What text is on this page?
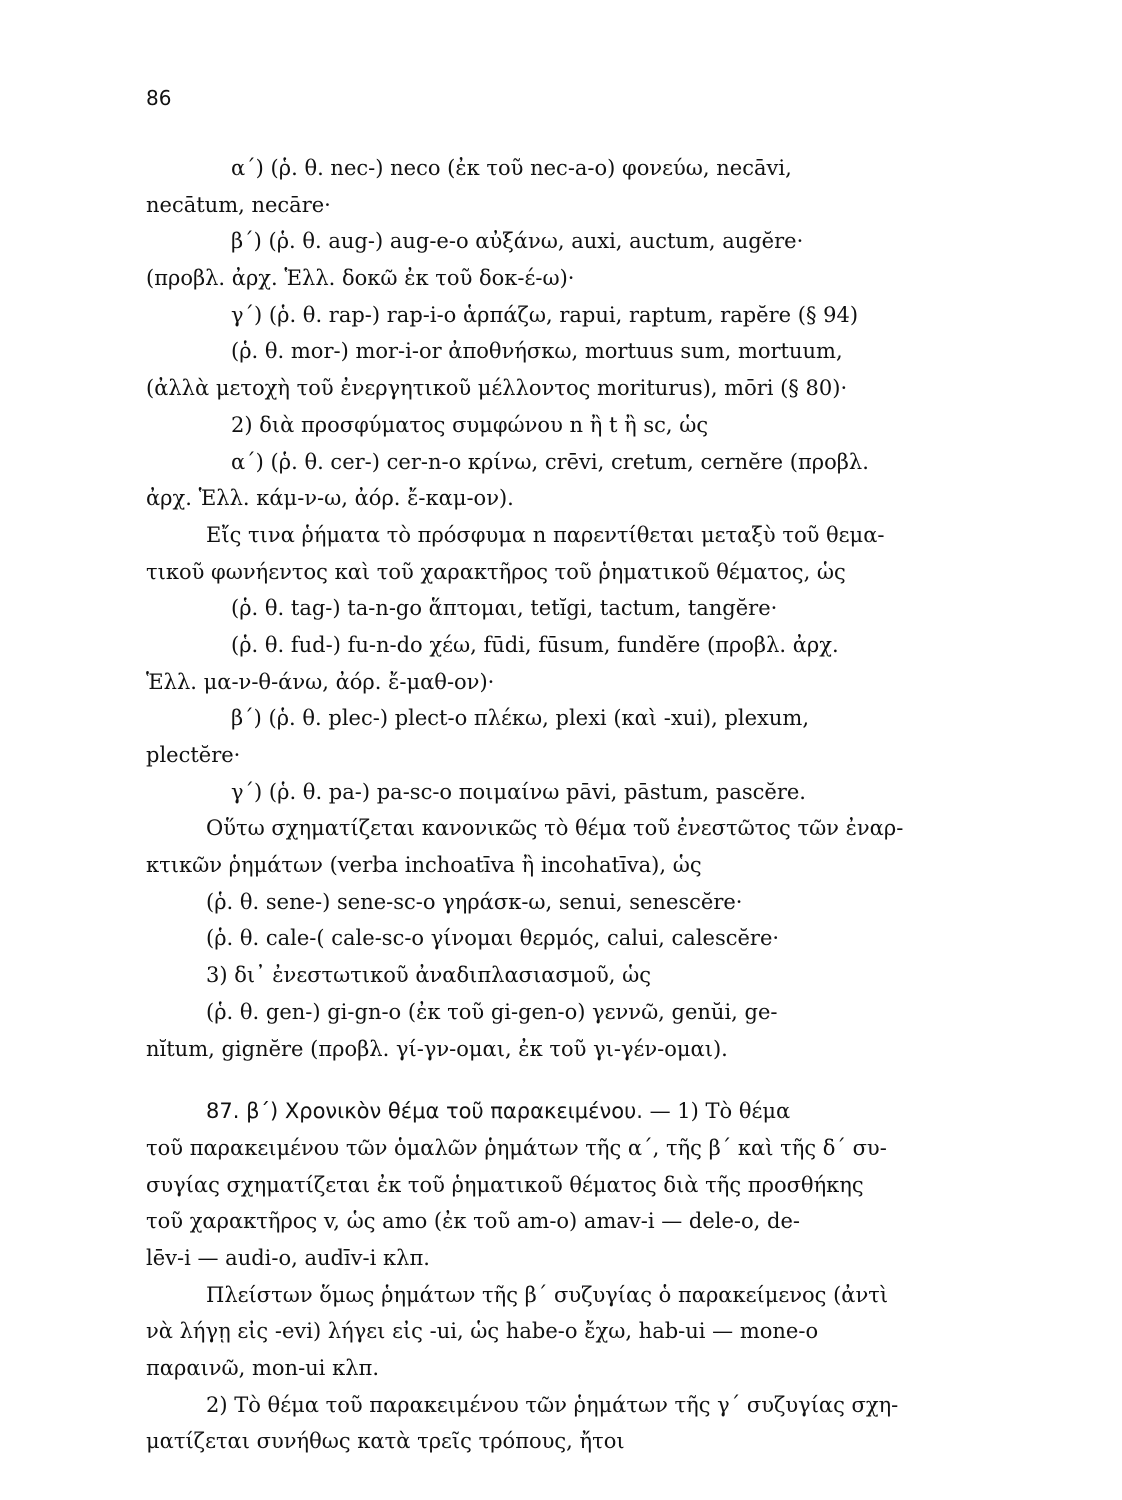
86
α΄) (ῥ. θ. nec-) neco (ἐκ τοῦ nec-a-o) φονεύω, necāvi,
necātum, necāre·
β΄) (ῥ. θ. aug-) aug-e-o αὐξάνω, auxi, auctum, augĕre·
(προβλ. ἀρχ. Ἑλλ. δοκῶ ἐκ τοῦ δοκ-έ-ω)·
γ΄) (ῥ. θ. rap-) rap-i-o ἁρπάζω, rapui, raptum, rapĕre (§ 94)
(ῥ. θ. mor-) mor-i-or ἀποθνήσκω, mortuus sum, mortuum,
(ἀλλὰ μετοχὴ τοῦ ἐνεργητικοῦ μέλλοντος moriturus), mōri (§ 80)·
2) διὰ προσφύματος συμφώνου n ἢ t ἢ sc, ὡς
α΄) (ῥ. θ. cer-) cer-n-o κρίνω, crēvi, cretum, cernĕre (προβλ.
ἀρχ. Ἑλλ. κάμ-ν-ω, ἀόρ. ἔ-καμ-ον).
Εἴς τινα ῥήματα τὸ πρόσφυμα n παρεντίθεται μεταξὺ τοῦ θεμα-
τικοῦ φωνήεντος καὶ τοῦ χαρακτῆρος τοῦ ῥηματικοῦ θέματος, ὡς
(ῥ. θ. tag-) ta-n-go ἅπτομαι, tetĭgi, tactum, tangĕre·
(ῥ. θ. fud-) fu-n-do χέω, fūdi, fūsum, fundĕre (προβλ. ἀρχ.
Ἑλλ. μα-ν-θ-άνω, ἀόρ. ἔ-μαθ-ον)·
β΄) (ῥ. θ. plec-) plect-o πλέκω, plexi (καὶ -xui), plexum,
plectĕre·
γ΄) (ῥ. θ. pa-) pa-sc-o ποιμαίνω pāvi, pāstum, pascĕre.
Οὕτω σχηματίζεται κανονικῶς τὸ θέμα τοῦ ἐνεστῶτος τῶν ἐναρ-
κτικῶν ῥημάτων (verba inchoatīva ἢ incohatīva), ὡς
(ῥ. θ. sene-) sene-sc-o γηράσκ-ω, senui, senescĕre·
(ῥ. θ. cale-( cale-sc-o γίνομαι θερμός, calui, calescĕre·
3) δι᾽ ἐνεστωτικοῦ ἀναδιπλασιασμοῦ, ὡς
(ῥ. θ. gen-) gi-gn-o (ἐκ τοῦ gi-gen-o) γεννῶ, genŭi, ge-
nĭtum, gignĕre (προβλ. γί-γν-ομαι, ἐκ τοῦ γι-γέν-ομαι).
87. β΄) Χρονικὸν θέμα τοῦ παρακειμένου. — 1) Τὸ θέμα
τοῦ παρακειμένου τῶν ὁμαλῶν ῥημάτων τῆς α΄, τῆς β΄ καὶ τῆς δ΄ συ-
συγίας σχηματίζεται ἐκ τοῦ ῥηματικοῦ θέματος διὰ τῆς προσθήκης
τοῦ χαρακτῆρος v, ὡς amo (ἐκ τοῦ am-o) amav-i — dele-o, de-
lēv-i — audi-o, audīv-i κλπ.
Πλείστων ὅμως ῥημάτων τῆς β΄ συζυγίας ὁ παρακείμενος (ἀντὶ
νὰ λήγῃ εἰς -evi) λήγει εἰς -ui, ὡς habe-o ἔχω, hab-ui — mone-o
παραινῶ, mon-ui κλπ.
2) Τὸ θέμα τοῦ παρακειμένου τῶν ῥημάτων τῆς γ΄ συζυγίας σχη-
ματίζεται συνήθως κατὰ τρεῖς τρόπους, ἤτοι
